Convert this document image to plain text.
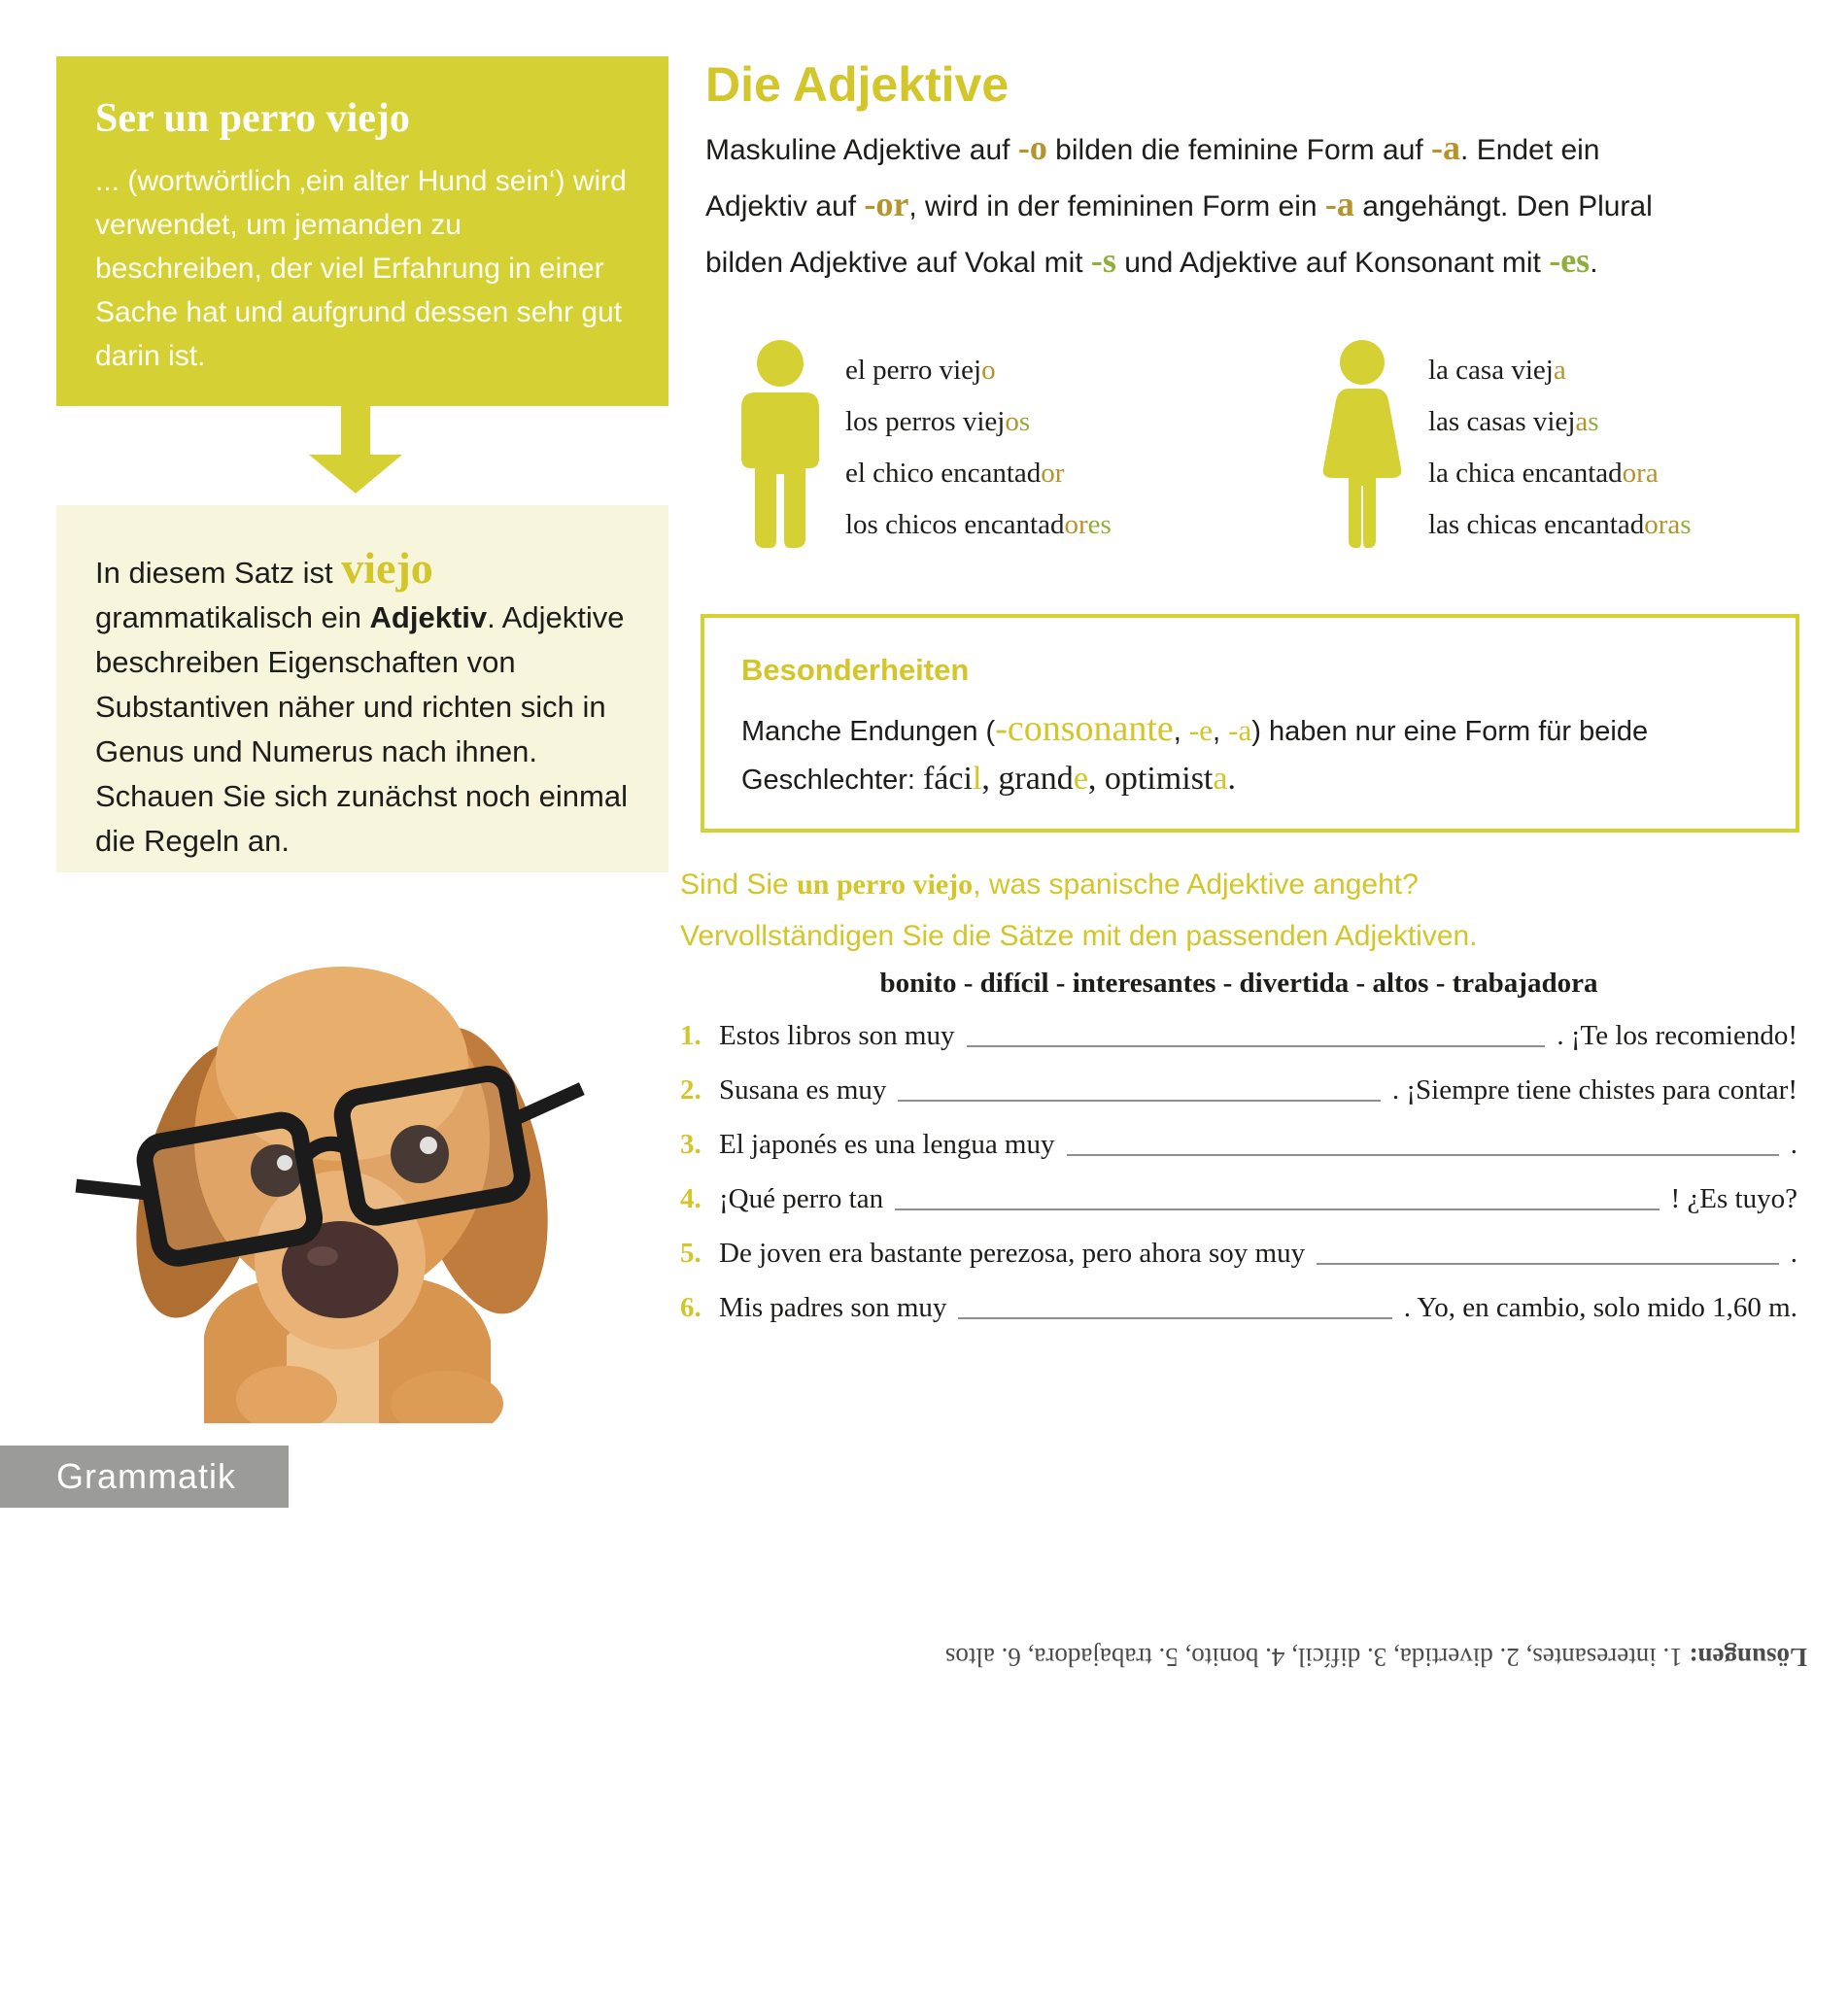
Ser un perro viejo

... (wortwörtlich ‚ein alter Hund sein‘) wird verwendet, um jemanden zu beschreiben, der viel Erfahrung in einer Sache hat und aufgrund dessen sehr gut darin ist.

In diesem Satz ist viejo grammatikalisch ein Adjektiv. Adjektive beschreiben Eigenschaften von Substantiven näher und richten sich in Genus und Numerus nach ihnen. Schauen Sie sich zunächst noch einmal die Regeln an.

Grammatik
Die Adjektive
Maskuline Adjektive auf -o bilden die feminine Form auf -a. Endet ein
Adjektiv auf -or, wird in der femininen Form ein -a angehängt. Den Plural
bilden Adjektive auf Vokal mit -s und Adjektive auf Konsonant mit -es.
el perro viejo
los perros viejos
el chico encantador
los chicos encantadores
la casa vieja
las casas viejas
la chica encantadora
las chicas encantadoras
Besonderheiten

Manche Endungen (-consonante, -e, -a) haben nur eine Form für beide Geschlechter: fácil, grande, optimista.

Sind Sie un perro viejo, was spanische Adjektive angeht?
Vervollständigen Sie die Sätze mit den passenden Adjektiven.

bonito - difícil - interesantes - divertida - altos - trabajadora

1. Estos libros son muy	. ¡Te los recomiendo!
2. Susana es muy	. ¡Siempre tiene chistes para contar!
3. El japonés es una lengua muy	.
4. ¡Qué perro tan	! ¿Es tuyo?
5. De joven era bastante perezosa, pero ahora soy muy	.
6. Mis padres son muy	. Yo, en cambio, solo mido 1,60 m.

Lösungen: 1. interesantes, 2. divertida, 3. difícil, 4. bonito, 5. trabajadora, 6. altos
